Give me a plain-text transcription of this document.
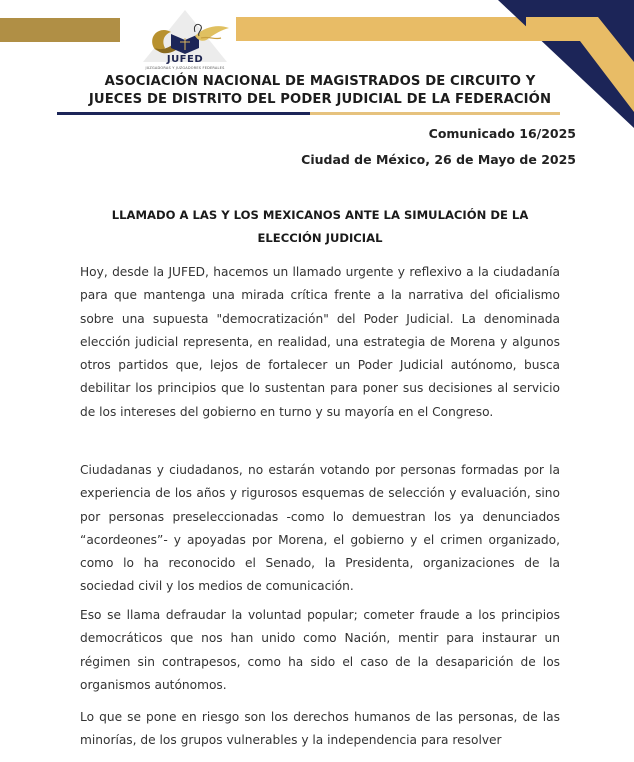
JUFED
JUZGADORAS Y JUZGADORES FEDERALES
ASOCIACIÓN NACIONAL DE MAGISTRADOS DE CIRCUITO Y
JUECES DE DISTRITO DEL PODER JUDICIAL DE LA FEDERACIÓN
Comunicado 16/2025
Ciudad de México, 26 de Mayo de 2025
LLAMADO A LAS Y LOS MEXICANOS ANTE LA SIMULACIÓN DE LA ELECCIÓN JUDICIAL
Hoy, desde la JUFED, hacemos un llamado urgente y reflexivo a la ciudadanía para que mantenga una mirada crítica frente a la narrativa del oficialismo sobre una supuesta "democratización" del Poder Judicial. La denominada elección judicial representa, en realidad, una estrategia de Morena y algunos otros partidos que, lejos de fortalecer un Poder Judicial autónomo, busca debilitar los principios que lo sustentan para poner sus decisiones al servicio de los intereses del gobierno en turno y su mayoría en el Congreso.
Ciudadanas y ciudadanos, no estarán votando por personas formadas por la experiencia de los años y rigurosos esquemas de selección y evaluación, sino por personas preseleccionadas -como lo demuestran los ya denunciados “acordeones”- y apoyadas por Morena, el gobierno y el crimen organizado, como lo ha reconocido el Senado, la Presidenta, organizaciones de la sociedad civil y los medios de comunicación.
Eso se llama defraudar la voluntad popular; cometer fraude a los principios democráticos que nos han unido como Nación, mentir para instaurar un régimen sin contrapesos, como ha sido el caso de la desaparición de los organismos autónomos.
Lo que se pone en riesgo son los derechos humanos de las personas, de las minorías, de los grupos vulnerables y la independencia para resolver
